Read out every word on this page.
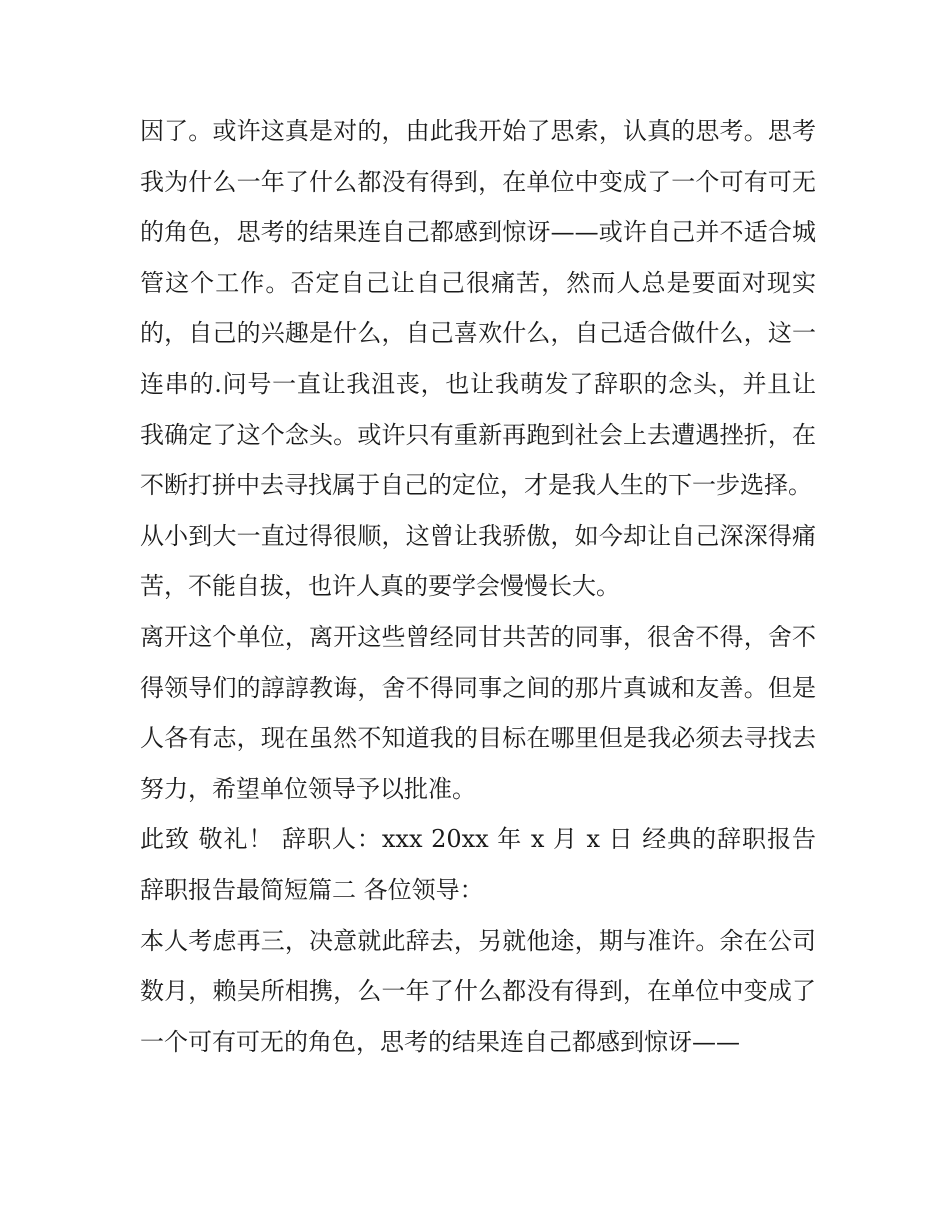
因了。或许这真是对的，由此我开始了思索，认真的思考。思考我为什么一年了什么都没有得到，在单位中变成了一个可有可无的角色，思考的结果连自己都感到惊讶——或许自己并不适合城管这个工作。否定自己让自己很痛苦，然而人总是要面对现实的，自己的兴趣是什么，自己喜欢什么，自己适合做什么，这一连串的.问号一直让我沮丧，也让我萌发了辞职的念头，并且让我确定了这个念头。或许只有重新再跑到社会上去遭遇挫折，在不断打拼中去寻找属于自己的定位，才是我人生的下一步选择。

从小到大一直过得很顺，这曾让我骄傲，如今却让自己深深得痛苦，不能自拔，也许人真的要学会慢慢长大。

离开这个单位，离开这些曾经同甘共苦的同事，很舍不得，舍不得领导们的諄諄教诲，舍不得同事之间的那片真诚和友善。但是人各有志，现在虽然不知道我的目标在哪里但是我必须去寻找去努力，希望单位领导予以批准。

此致 敬礼！ 辞职人：xxx 20xx 年 x 月 x 日 经典的辞职报告 辞职报告最简短篇二 各位领导：

本人考虑再三，决意就此辞去，另就他途，期与准许。余在公司数月，赖吴所相携，么一年了什么都没有得到，在单位中变成了一个可有可无的角色，思考的结果连自己都感到惊讶——
